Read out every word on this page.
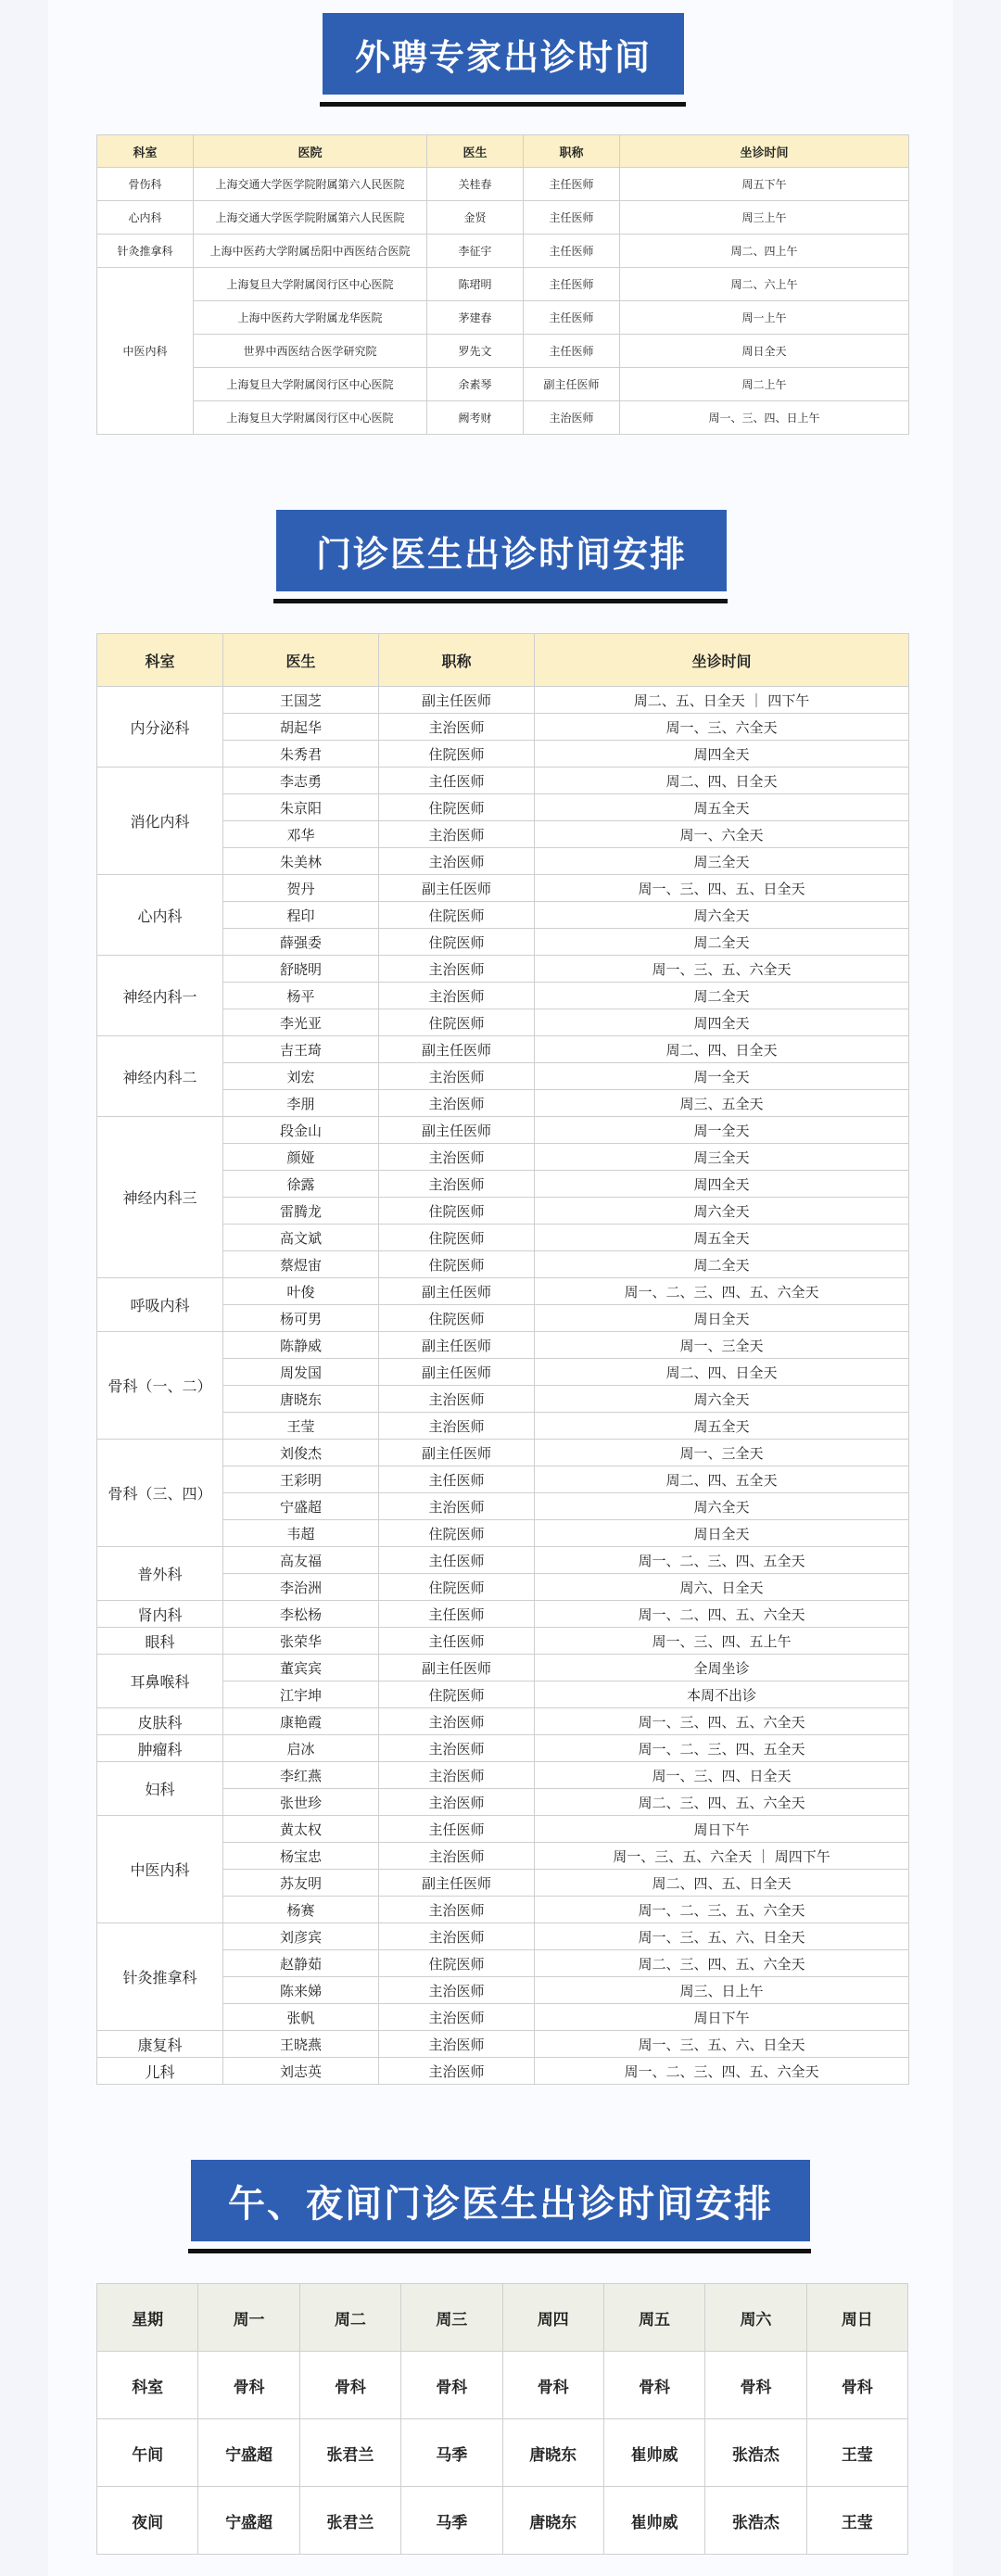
外聘专家出诊时间
科室	医院	医生	职称	坐诊时间
骨伤科	上海交通大学医学院附属第六人民医院	关桂春	主任医师	周五下午
心内科	上海交通大学医学院附属第六人民医院	金贤	主任医师	周三上午
针灸推拿科	上海中医药大学附属岳阳中西医结合医院	李征宇	主任医师	周二、四上午
中医内科	上海复旦大学附属闵行区中心医院	陈珺明	主任医师	周二、六上午
	上海中医药大学附属龙华医院	茅建春	主任医师	周一上午
	世界中西医结合医学研究院	罗先文	主任医师	周日全天
	上海复旦大学附属闵行区中心医院	余素琴	副主任医师	周二上午
	上海复旦大学附属闵行区中心医院	阙考财	主治医师	周一、三、四、日上午
门诊医生出诊时间安排
科室	医生	职称	坐诊时间
内分泌科	王国芝	副主任医师	周二、五、日全天 ｜ 四下午
	胡起华	主治医师	周一、三、六全天
	朱秀君	住院医师	周四全天
消化内科	李志勇	主任医师	周二、四、日全天
	朱京阳	住院医师	周五全天
	邓华	主治医师	周一、六全天
	朱美林	主治医师	周三全天
心内科	贺丹	副主任医师	周一、三、四、五、日全天
	程印	住院医师	周六全天
	薛强委	住院医师	周二全天
神经内科一	舒晓明	主治医师	周一、三、五、六全天
	杨平	主治医师	周二全天
	李光亚	住院医师	周四全天
神经内科二	吉王琦	副主任医师	周二、四、日全天
	刘宏	主治医师	周一全天
	李朋	主治医师	周三、五全天
神经内科三	段金山	副主任医师	周一全天
	颜娅	主治医师	周三全天
	徐露	主治医师	周四全天
	雷腾龙	住院医师	周六全天
	高文斌	住院医师	周五全天
	蔡煜宙	住院医师	周二全天
呼吸内科	叶俊	副主任医师	周一、二、三、四、五、六全天
	杨可男	住院医师	周日全天
骨科（一、二）	陈静威	副主任医师	周一、三全天
	周发国	副主任医师	周二、四、日全天
	唐晓东	主治医师	周六全天
	王莹	主治医师	周五全天
骨科（三、四）	刘俊杰	副主任医师	周一、三全天
	王彩明	主任医师	周二、四、五全天
	宁盛超	主治医师	周六全天
	韦超	住院医师	周日全天
普外科	高友福	主任医师	周一、二、三、四、五全天
	李治洲	住院医师	周六、日全天
肾内科	李松杨	主任医师	周一、二、四、五、六全天
眼科	张荣华	主任医师	周一、三、四、五上午
耳鼻喉科	董宾宾	副主任医师	全周坐诊
	江宇坤	住院医师	本周不出诊
皮肤科	康艳霞	主治医师	周一、三、四、五、六全天
肿瘤科	启冰	主治医师	周一、二、三、四、五全天
妇科	李红燕	主治医师	周一、三、四、日全天
	张世珍	主治医师	周二、三、四、五、六全天
中医内科	黄太权	主任医师	周日下午
	杨宝忠	主治医师	周一、三、五、六全天 ｜ 周四下午
	苏友明	副主任医师	周二、四、五、日全天
	杨赛	主治医师	周一、二、三、五、六全天
针灸推拿科	刘彦宾	主治医师	周一、三、五、六、日全天
	赵静茹	住院医师	周二、三、四、五、六全天
	陈来娣	主治医师	周三、日上午
	张帆	主治医师	周日下午
康复科	王晓燕	主治医师	周一、三、五、六、日全天
儿科	刘志英	主治医师	周一、二、三、四、五、六全天
午、夜间门诊医生出诊时间安排
星期	周一	周二	周三	周四	周五	周六	周日
科室	骨科	骨科	骨科	骨科	骨科	骨科	骨科
午间	宁盛超	张君兰	马季	唐晓东	崔帅威	张浩杰	王莹
夜间	宁盛超	张君兰	马季	唐晓东	崔帅威	张浩杰	王莹
